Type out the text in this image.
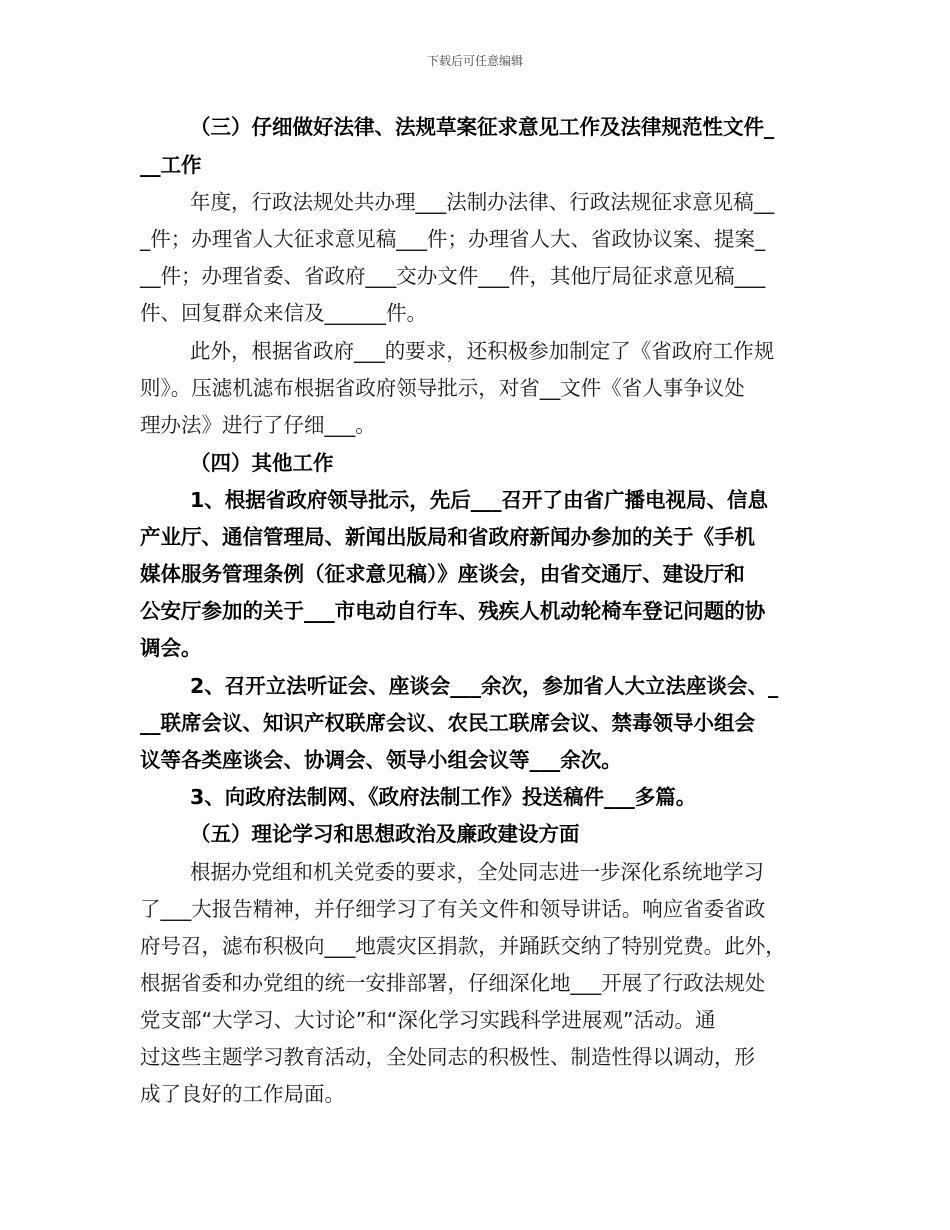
下载后可任意编辑
（三）仔细做好法律、法规草案征求意见工作及法律规范性文件_
__工作
年度，行政法规处共办理___法制办法律、行政法规征求意见稿__
_件；办理省人大征求意见稿___件；办理省人大、省政协议案、提案_
__件；办理省委、省政府___交办文件___件，其他厅局征求意见稿___
件、回复群众来信及______件。
此外，根据省政府___的要求，还积极参加制定了《省政府工作规
则》。压滤机滤布根据省政府领导批示，对省__文件《省人事争议处
理办法》进行了仔细___。
（四）其他工作
1、根据省政府领导批示，先后___召开了由省广播电视局、信息
产业厅、通信管理局、新闻出版局和省政府新闻办参加的关于《手机
媒体服务管理条例（征求意见稿）》座谈会，由省交通厅、建设厅和
公安厅参加的关于___市电动自行车、残疾人机动轮椅车登记问题的协
调会。
2、召开立法听证会、座谈会___余次，参加省人大立法座谈会、_
__联席会议、知识产权联席会议、农民工联席会议、禁毒领导小组会
议等各类座谈会、协调会、领导小组会议等___余次。
3、向政府法制网、《政府法制工作》投送稿件___多篇。
（五）理论学习和思想政治及廉政建设方面
根据办党组和机关党委的要求，全处同志进一步深化系统地学习
了___大报告精神，并仔细学习了有关文件和领导讲话。响应省委省政
府号召，滤布积极向___地震灾区捐款，并踊跃交纳了特别党费。此外，
根据省委和办党组的统一安排部署，仔细深化地___开展了行政法规处
党支部“大学习、大讨论”和“深化学习实践科学进展观”活动。通
过这些主题学习教育活动，全处同志的积极性、制造性得以调动，形
成了良好的工作局面。
